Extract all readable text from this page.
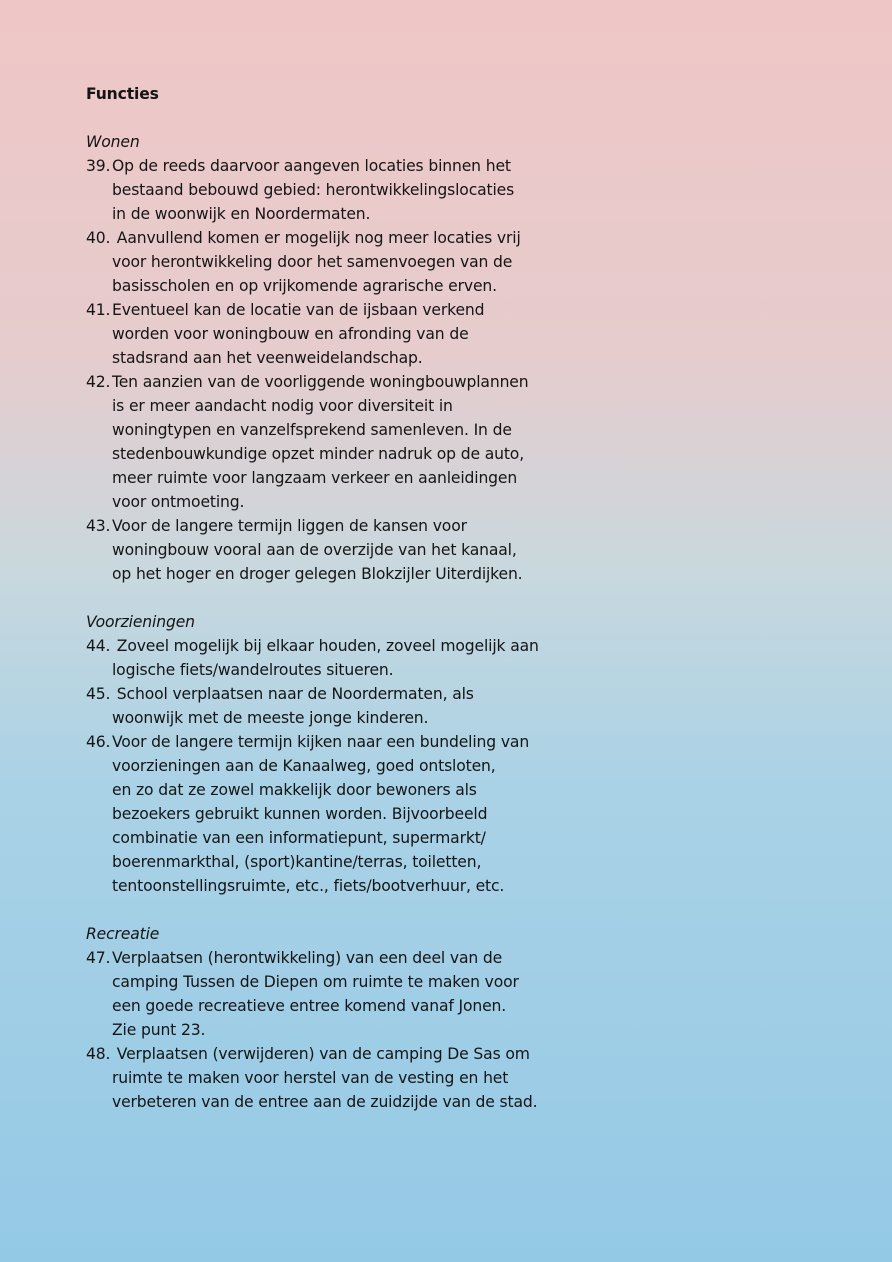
Functies
Wonen
39. Op de reeds daarvoor aangeven locaties binnen het
bestaand bebouwd gebied: herontwikkelingslocaties
in de woonwijk en Noordermaten.
40. Aanvullend komen er mogelijk nog meer locaties vrij
voor herontwikkeling door het samenvoegen van de
basisscholen en op vrijkomende agrarische erven.
41. Eventueel kan de locatie van de ijsbaan verkend
worden voor woningbouw en afronding van de
stadsrand aan het veenweidelandschap.
42. Ten aanzien van de voorliggende woningbouwplannen
is er meer aandacht nodig voor diversiteit in
woningtypen en vanzelfsprekend samenleven. In de
stedenbouwkundige opzet minder nadruk op de auto,
meer ruimte voor langzaam verkeer en aanleidingen
voor ontmoeting.
43. Voor de langere termijn liggen de kansen voor
woningbouw vooral aan de overzijde van het kanaal,
op het hoger en droger gelegen Blokzijler Uiterdijken.
Voorzieningen
44. Zoveel mogelijk bij elkaar houden, zoveel mogelijk aan
logische fiets/wandelroutes situeren.
45. School verplaatsen naar de Noordermaten, als
woonwijk met de meeste jonge kinderen.
46. Voor de langere termijn kijken naar een bundeling van
voorzieningen aan de Kanaalweg, goed ontsloten,
en zo dat ze zowel makkelijk door bewoners als
bezoekers gebruikt kunnen worden. Bijvoorbeeld
combinatie van een informatiepunt, supermarkt/
boerenmarkthal, (sport)kantine/terras, toiletten,
tentoonstellingsruimte, etc., fiets/bootverhuur, etc.
Recreatie
47. Verplaatsen (herontwikkeling) van een deel van de
camping Tussen de Diepen om ruimte te maken voor
een goede recreatieve entree komend vanaf Jonen.
Zie punt 23.
48. Verplaatsen (verwijderen) van de camping De Sas om
ruimte te maken voor herstel van de vesting en het
verbeteren van de entree aan de zuidzijde van de stad.
